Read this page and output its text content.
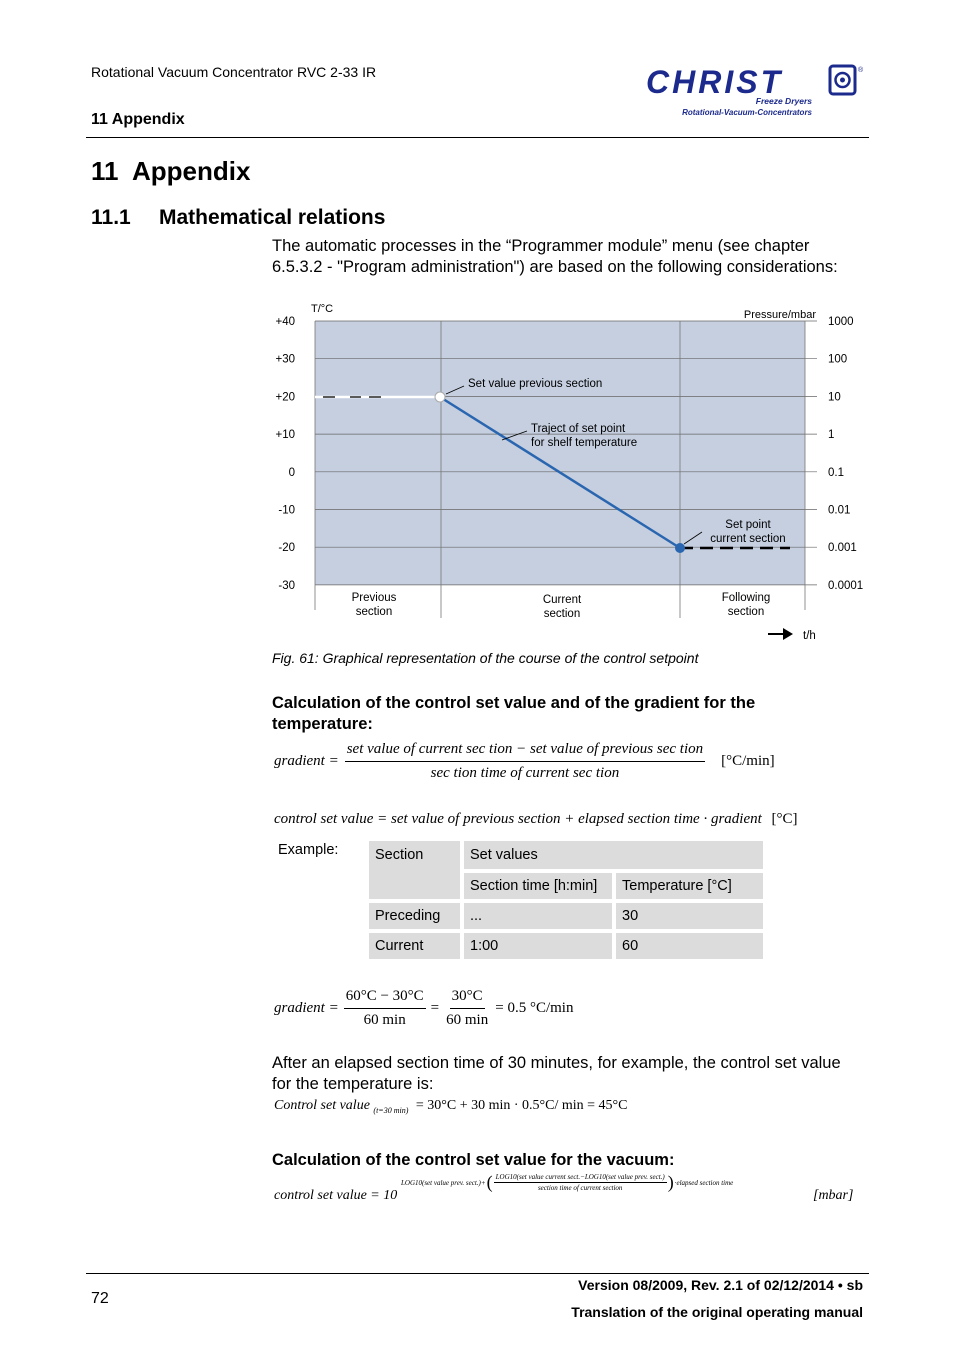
Rotational Vacuum Concentrator RVC 2-33 IR
11 Appendix
CHRIST	®
Freeze Dryers
Rotational-Vacuum-Concentrators
11 Appendix
11.1 Mathematical relations
The automatic processes in the “Programmer module” menu (see chapter 6.5.3.2 - "Program administration") are based on the following considerations:
T/°C	Pressure/mbar
+40
+30
+20
+10
0
-10
-20
-30
1000
100
10
1
0.1
0.01
0.001
0.0001
Set value previous section
Traject of set point
for shelf temperature
Set point
current section
Previous
section
Current
section
Following
section
t/h
Fig. 61: Graphical representation of the course of the control setpoint
Calculation of the control set value and of the gradient for the temperature:
gradient =
set value of current sec tion − set value of previous sec tion
sec tion time of current sec tion
[°C/min]
control set value = set value of previous section + elapsed section time · gradient [°C]
Example:	Section	Set values	
	Section time [h:min]	Temperature [°C]
Preceding	...	30
Current	1:00	60
gradient = $\frac{60^\circ C - 30^\circ C}{60 \min} = \frac{30^\circ C}{60 \min} = 0.5$ °C/min
After an elapsed section time of 30 minutes, for example, the control set value for the temperature is:
Control set value $_{(t=30 min)}$ = 30°C + 30 min · 0.5°C/ min = 45°C
Calculation of the control set value for the vacuum:
control set value = 10
LOG10(set value prev. sect.)+ ( $\frac{\text{LOG10(set value current sect.−LOG10(set value prev. sect.)}}{\text{section time of current section}}$ ) ·elapsed section time
[mbar]
72
Version 08/2009, Rev. 2.1 of 02/12/2014 • sb
Translation of the original operating manual
